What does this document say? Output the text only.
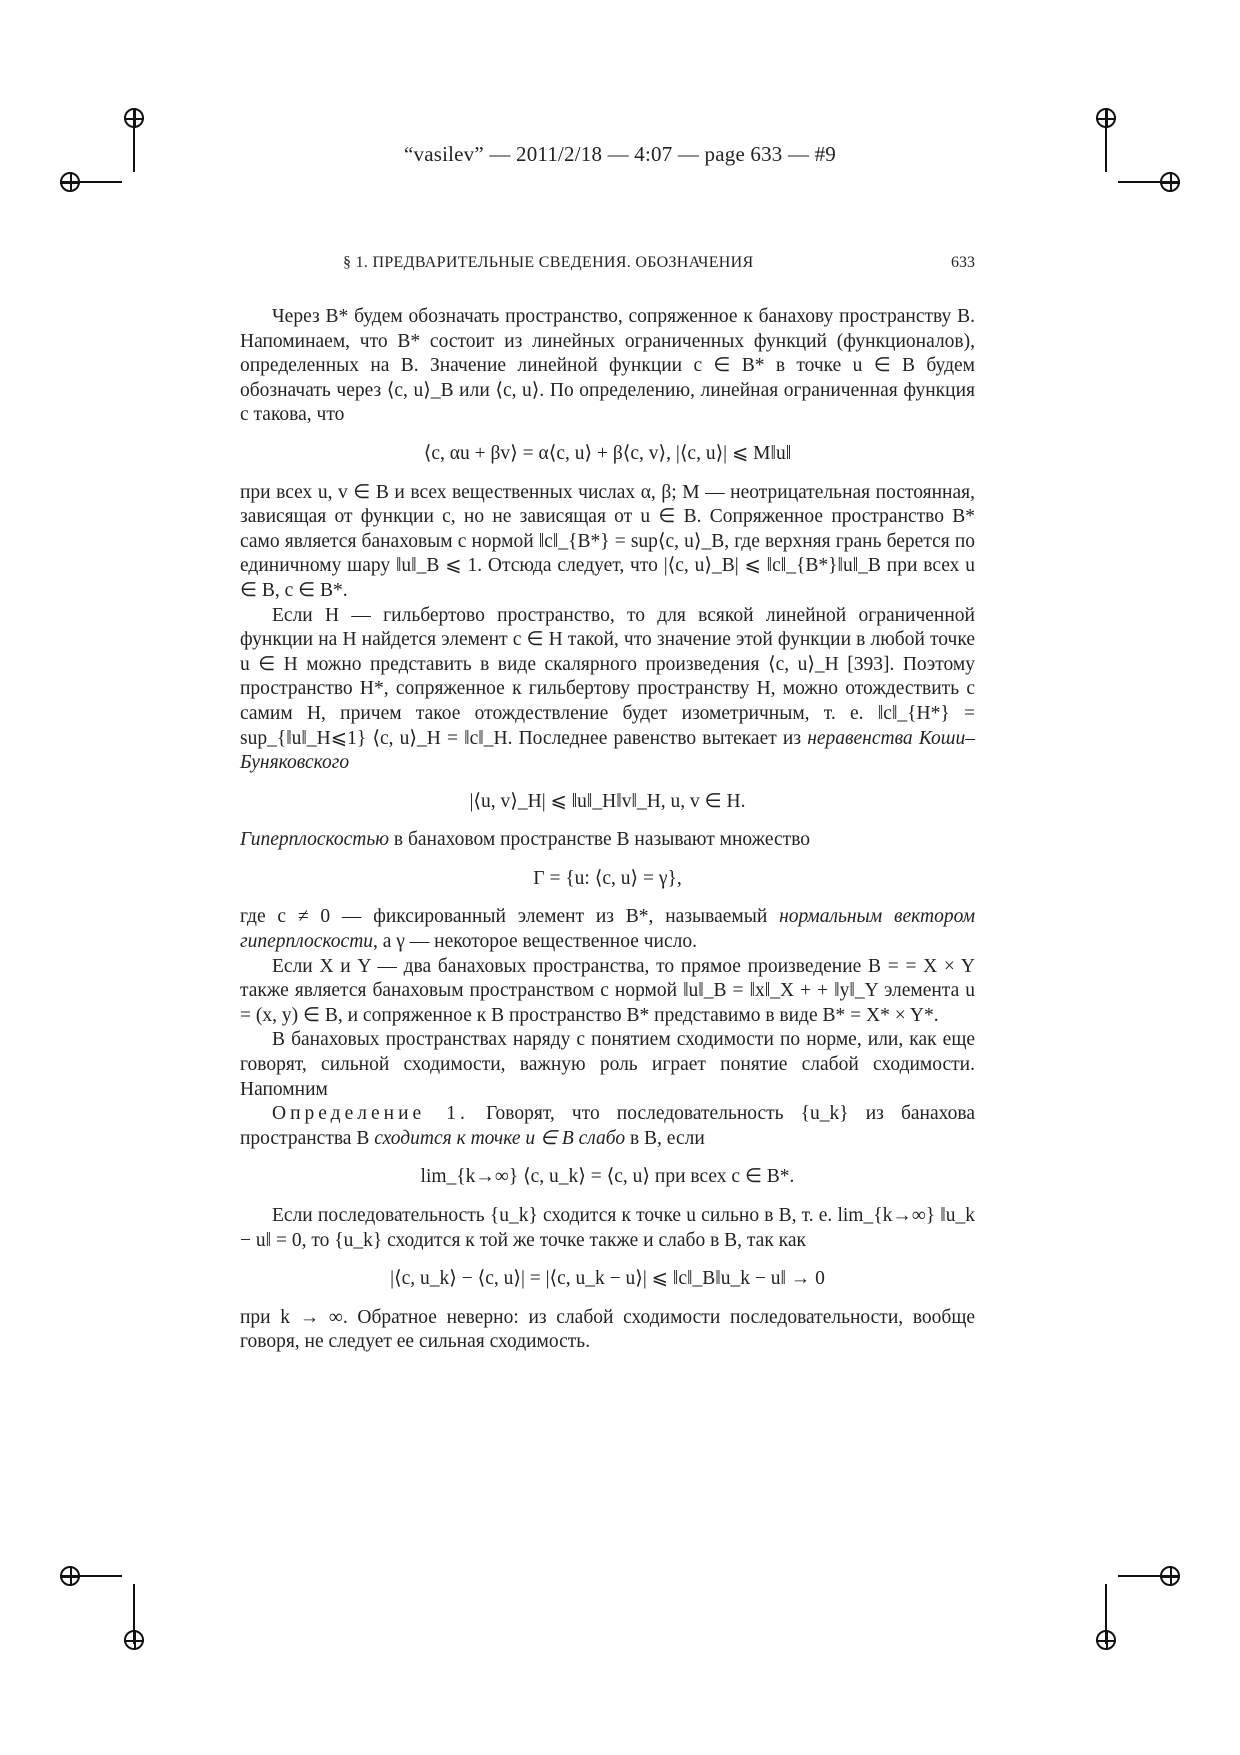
“vasilev” — 2011/2/18 — 4:07 — page 633 — #9
§ 1. ПРЕДВАРИТЕЛЬНЫЕ СВЕДЕНИЯ. ОБОЗНАЧЕНИЯ	633

Через B* будем обозначать пространство, сопряженное к банахову пространству B. Напоминаем, что B* состоит из линейных ограниченных функций (функционалов), определенных на B. Значение линейной функции c ∈ B* в точке u ∈ B будем обозначать через ⟨c, u⟩_B или ⟨c, u⟩. По определению, линейная ограниченная функция c такова, что

⟨c, αu + βv⟩ = α⟨c, u⟩ + β⟨c, v⟩, |⟨c, u⟩| ⩽ M‖u‖

при всех u, v ∈ B и всех вещественных числах α, β; M — неотрицательная постоянная, зависящая от функции c, но не зависящая от u ∈ B. Сопряженное пространство B* само является банаховым с нормой ‖c‖_{B*} = sup⟨c, u⟩_B, где верхняя грань берется по единичному шару ‖u‖_B ⩽ 1. Отсюда следует, что |⟨c, u⟩_B| ⩽ ‖c‖_{B*}‖u‖_B при всех u ∈ B, c ∈ B*.

Если H — гильбертово пространство, то для всякой линейной ограниченной функции на H найдется элемент c ∈ H такой, что значение этой функции в любой точке u ∈ H можно представить в виде скалярного произведения ⟨c, u⟩_H [393]. Поэтому пространство H*, сопряженное к гильбертову пространству H, можно отождествить с самим H, причем такое отождествление будет изометричным, т. е. ‖c‖_{H*} = sup_{‖u‖_H⩽1} ⟨c, u⟩_H = ‖c‖_H. Последнее равенство вытекает из неравенства Коши–Буняковского

|⟨u, v⟩_H| ⩽ ‖u‖_H‖v‖_H, u, v ∈ H.

Гиперплоскостью в банаховом пространстве B называют множество

Γ = {u: ⟨c, u⟩ = γ},

где c ≠ 0 — фиксированный элемент из B*, называемый нормальным вектором гиперплоскости, а γ — некоторое вещественное число.

Если X и Y — два банаховых пространства, то прямое произведение B = = X × Y также является банаховым пространством с нормой ‖u‖_B = ‖x‖_X + + ‖y‖_Y элемента u = (x, y) ∈ B, и сопряженное к B пространство B* представимо в виде B* = X* × Y*.

В банаховых пространствах наряду с понятием сходимости по норме, или, как еще говорят, сильной сходимости, важную роль играет понятие слабой сходимости. Напомним

Определение 1. Говорят, что последовательность {u_k} из банахова пространства B сходится к точке u ∈ B слабо в B, если

lim_{k→∞} ⟨c, u_k⟩ = ⟨c, u⟩ при всех c ∈ B*.

Если последовательность {u_k} сходится к точке u сильно в B, т. е. lim_{k→∞} ‖u_k − u‖ = 0, то {u_k} сходится к той же точке также и слабо в B, так как

|⟨c, u_k⟩ − ⟨c, u⟩| = |⟨c, u_k − u⟩| ⩽ ‖c‖_B‖u_k − u‖ → 0

при k → ∞. Обратное неверно: из слабой сходимости последовательности, вообще говоря, не следует ее сильная сходимость.
